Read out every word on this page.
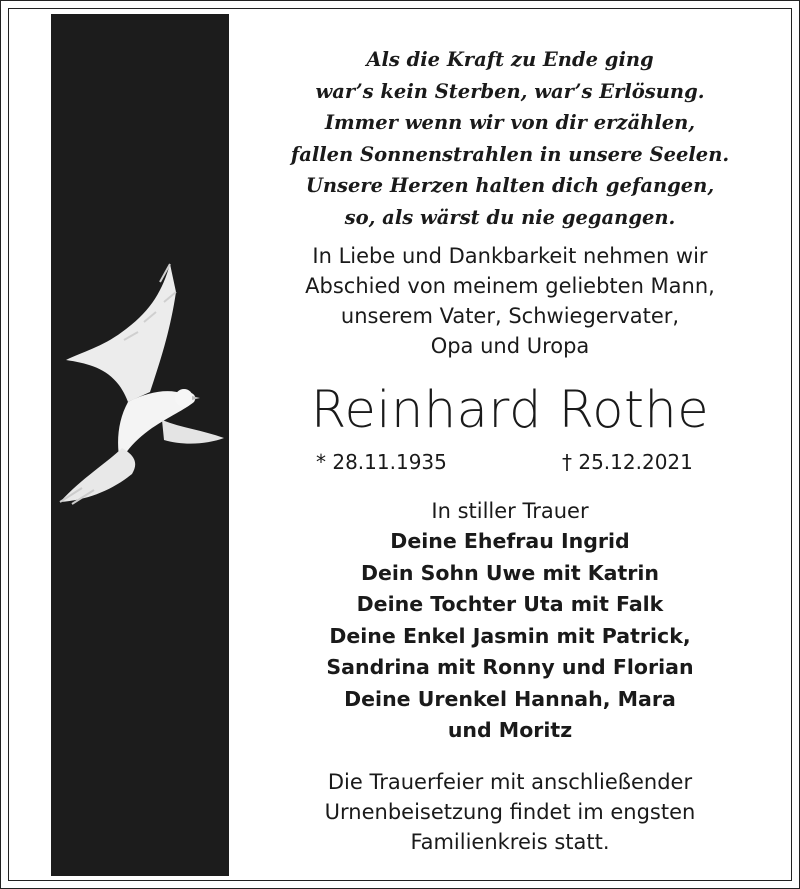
Als die Kraft zu Ende ging
war’s kein Sterben, war’s Erlösung.
Immer wenn wir von dir erzählen,
fallen Sonnenstrahlen in unsere Seelen.
Unsere Herzen halten dich gefangen,
so, als wärst du nie gegangen.
In Liebe und Dankbarkeit nehmen wir
Abschied von meinem geliebten Mann,
unserem Vater, Schwiegervater,
Opa und Uropa
Reinhard Rothe
* 28.11.1935	† 25.12.2021
In stiller Trauer
Deine Ehefrau Ingrid
Dein Sohn Uwe mit Katrin
Deine Tochter Uta mit Falk
Deine Enkel Jasmin mit Patrick,
Sandrina mit Ronny und Florian
Deine Urenkel Hannah, Mara
und Moritz
Die Trauerfeier mit anschließender
Urnenbeisetzung findet im engsten
Familienkreis statt.
